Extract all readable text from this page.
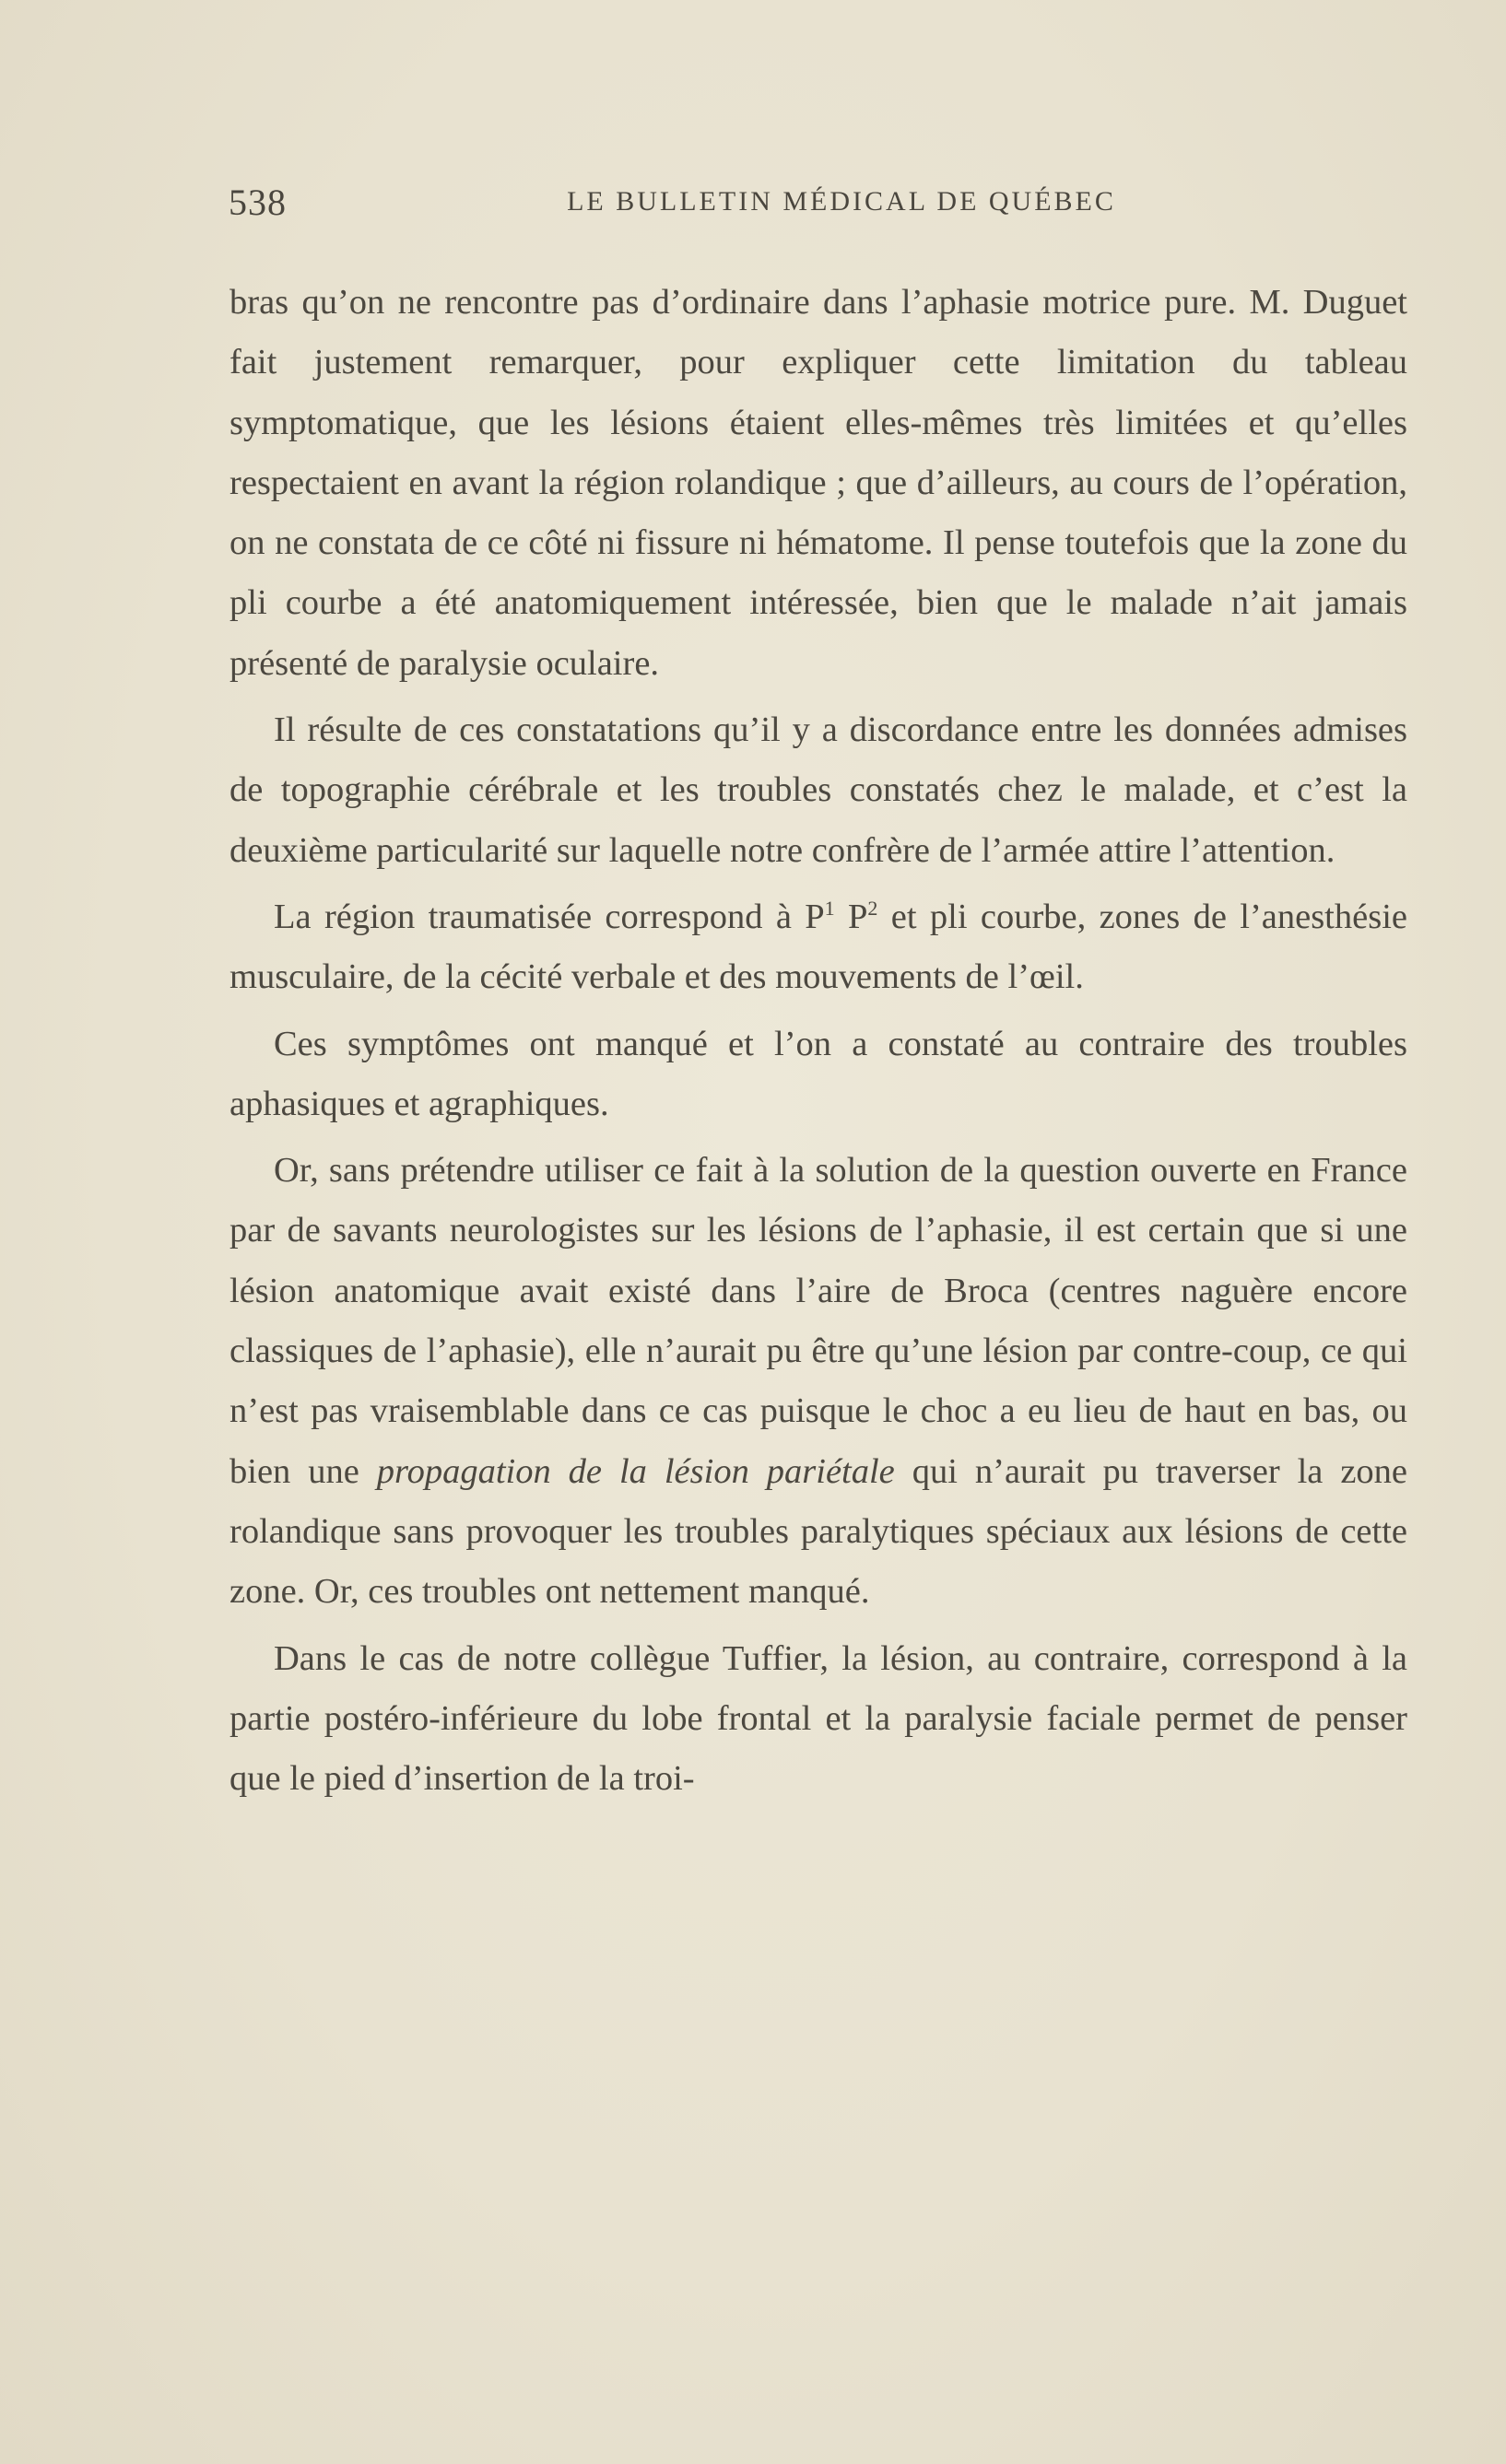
538	LE BULLETIN MÉDICAL DE QUÉBEC

bras qu’on ne rencontre pas d’ordinaire dans l’aphasie motrice pure. M. Duguet fait justement remarquer, pour expliquer cette limitation du tableau symptomatique, que les lésions étaient elles-mêmes très limitées et qu’elles respectaient en avant la région rolandique ; que d’ailleurs, au cours de l’opération, on ne constata de ce côté ni fissure ni hématome. Il pense toutefois que la zone du pli courbe a été anatomiquement intéressée, bien que le malade n’ait jamais présenté de paralysie oculaire.

Il résulte de ces constatations qu’il y a discordance entre les données admises de topographie cérébrale et les troubles constatés chez le malade, et c’est la deuxième particularité sur laquelle notre confrère de l’armée attire l’attention.

La région traumatisée correspond à $P^1$ $P^2$ et pli courbe, zones de l’anesthésie musculaire, de la cécité verbale et des mouvements de l’œil.

Ces symptômes ont manqué et l’on a constaté au contraire des troubles aphasiques et agraphiques.

Or, sans prétendre utiliser ce fait à la solution de la question ouverte en France par de savants neurologistes sur les lésions de l’aphasie, il est certain que si une lésion anatomique avait existé dans l’aire de Broca (centres naguère encore classiques de l’aphasie), elle n’aurait pu être qu’une lésion par contre-coup, ce qui n’est pas vraisemblable dans ce cas puisque le choc a eu lieu de haut en bas, ou bien une propagation de la lésion pariétale qui n’aurait pu traverser la zone rolandique sans provoquer les troubles paralytiques spéciaux aux lésions de cette zone. Or, ces troubles ont nettement manqué.

Dans le cas de notre collègue Tuffier, la lésion, au contraire, correspond à la partie postéro-inférieure du lobe frontal et la paralysie faciale permet de penser que le pied d’insertion de la troi-
